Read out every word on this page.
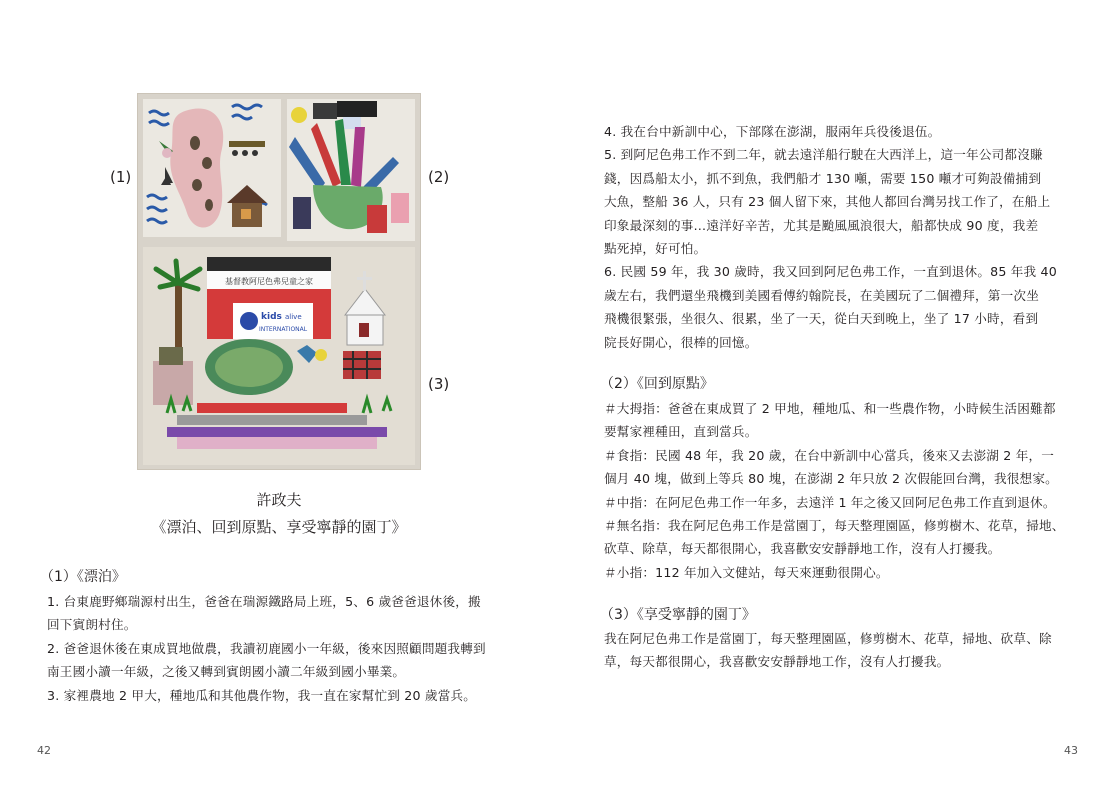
(1)	(2)
(3)
基督教阿尼色弗兒童之家
kids alive
INTERNATIONAL
許政夫
《漂泊、回到原點、享受寧靜的園丁》
（1）《漂泊》
1. 台東鹿野鄉瑞源村出生，爸爸在瑞源鐵路局上班，5、6 歲爸爸退休後，搬
回下賓朗村住。
2. 爸爸退休後在東成買地做農，我讀初鹿國小一年級，後來因照顧問題我轉到
南王國小讀一年級，之後又轉到賓朗國小讀二年級到國小畢業。
3. 家裡農地 2 甲大，種地瓜和其他農作物，我一直在家幫忙到 20 歲當兵。
42
4. 我在台中新訓中心，下部隊在澎湖，服兩年兵役後退伍。
5. 到阿尼色弗工作不到二年，就去遠洋船行駛在大西洋上，這一年公司都沒賺
錢，因爲船太小，抓不到魚，我們船才 130 噸，需要 150 噸才可夠設備捕到
大魚，整船 36 人，只有 23 個人留下來，其他人都回台灣另找工作了，在船上
印象最深刻的事…遠洋好辛苦，尤其是颱風風浪很大，船都快成 90 度，我差
點死掉，好可怕。
6. 民國 59 年，我 30 歲時，我又回到阿尼色弗工作，一直到退休。85 年我 40
歲左右，我們還坐飛機到美國看傅約翰院長，在美國玩了二個禮拜，第一次坐
飛機很緊張，坐很久、很累，坐了一天，從白天到晚上，坐了 17 小時，看到
院長好開心，很棒的回憶。
（2）《回到原點》
＃大拇指：爸爸在東成買了 2 甲地，種地瓜、和一些農作物，小時候生活困難都
要幫家裡種田，直到當兵。
＃食指：民國 48 年，我 20 歲，在台中新訓中心當兵，後來又去澎湖 2 年，一
個月 40 塊，做到上等兵 80 塊，在澎湖 2 年只放 2 次假能回台灣，我很想家。
＃中指：在阿尼色弗工作一年多，去遠洋 1 年之後又回阿尼色弗工作直到退休。
＃無名指：我在阿尼色弗工作是當園丁，每天整理園區，修剪樹木、花草，掃地、
砍草、除草，每天都很開心，我喜歡安安靜靜地工作，沒有人打擾我。
＃小指：112 年加入文健站，每天來運動很開心。
（3）《享受寧靜的園丁》
我在阿尼色弗工作是當園丁，每天整理園區，修剪樹木、花草，掃地、砍草、除
草，每天都很開心，我喜歡安安靜靜地工作，沒有人打擾我。
43
